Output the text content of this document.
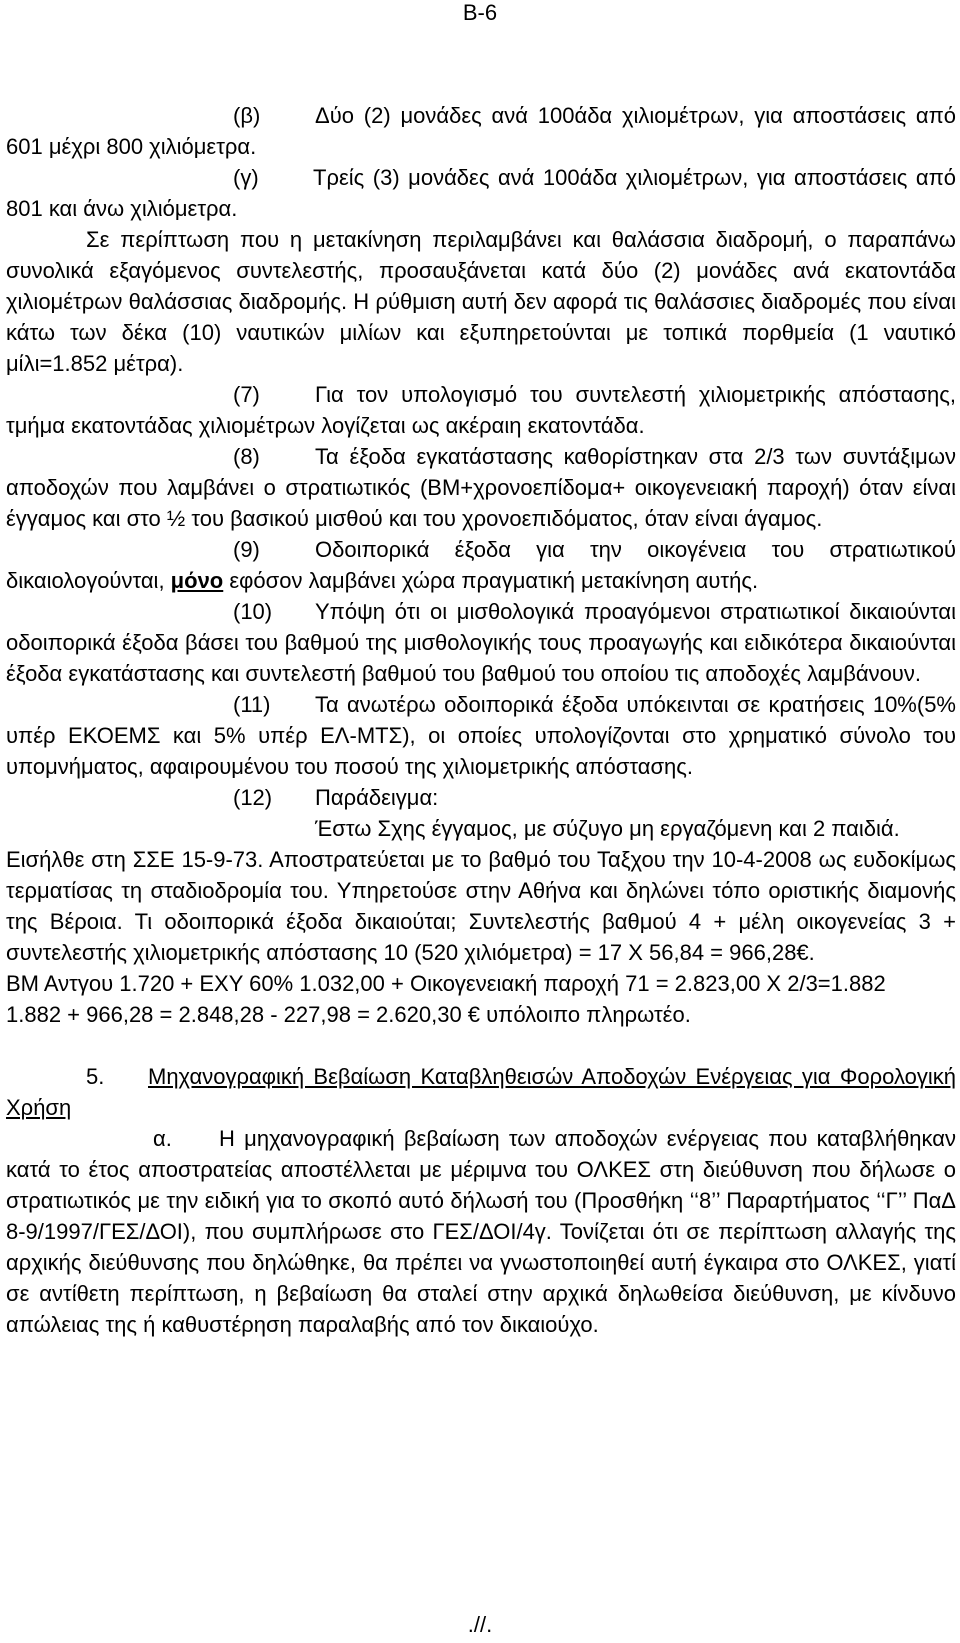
Β-6

(β) Δύο (2) μονάδες ανά 100άδα χιλιομέτρων, για αποστάσεις από 601 μέχρι 800 χιλιόμετρα.

(γ) Τρείς (3) μονάδες ανά 100άδα χιλιομέτρων, για αποστάσεις από 801 και άνω χιλιόμετρα.

Σε περίπτωση που η μετακίνηση περιλαμβάνει και θαλάσσια διαδρομή, ο παραπάνω συνολικά εξαγόμενος συντελεστής, προσαυξάνεται κατά δύο (2) μονάδες ανά εκατοντάδα χιλιομέτρων θαλάσσιας διαδρομής. Η ρύθμιση αυτή δεν αφορά τις θαλάσσιες διαδρομές που είναι κάτω των δέκα (10) ναυτικών μιλίων και εξυπηρετούνται με τοπικά πορθμεία (1 ναυτικό μίλι=1.852 μέτρα).

(7)	Για τον υπολογισμό του συντελεστή χιλιομετρικής απόστασης, τμήμα εκατοντάδας χιλιομέτρων λογίζεται ως ακέραιη εκατοντάδα.

(8)	Τα έξοδα εγκατάστασης καθορίστηκαν στα 2/3 των συντάξιμων αποδοχών που λαμβάνει ο στρατιωτικός (ΒΜ+χρονοεπίδομα+ οικογενειακή παροχή) όταν είναι έγγαμος και στο ½ του βασικού μισθού και του χρονοεπιδόματος, όταν είναι άγαμος.

(9)	Οδοιπορικά έξοδα για την οικογένεια του στρατιωτικού δικαιολογούνται, μόνο εφόσον λαμβάνει χώρα πραγματική μετακίνηση αυτής.

(10) Υπόψη ότι οι μισθολογικά προαγόμενοι στρατιωτικοί δικαιούνται οδοιπορικά έξοδα βάσει του βαθμού της μισθολογικής τους προαγωγής και ειδικότερα δικαιούνται έξοδα εγκατάστασης και συντελεστή βαθμού του βαθμού του οποίου τις αποδοχές λαμβάνουν.

(11) Τα ανωτέρω οδοιπορικά έξοδα υπόκεινται σε κρατήσεις 10%(5% υπέρ ΕΚΟΕΜΣ και 5% υπέρ ΕΛ-ΜΤΣ), οι οποίες υπολογίζονται στο χρηματικό σύνολο του υπομνήματος, αφαιρουμένου του ποσού της χιλιομετρικής απόστασης.

(12) Παράδειγμα:

Έστω Σχης έγγαμος, με σύζυγο μη εργαζόμενη και 2 παιδιά.

Εισήλθε στη ΣΣΕ 15-9-73. Αποστρατεύεται με το βαθμό του Ταξχου την 10-4-2008 ως ευδοκίμως τερματίσας τη σταδιοδρομία του. Υπηρετούσε στην Αθήνα και δηλώνει τόπο οριστικής διαμονής της Βέροια. Τι οδοιπορικά έξοδα δικαιούται; Συντελεστής βαθμού 4 + μέλη οικογενείας 3 + συντελεστής χιλιομετρικής απόστασης 10 (520 χιλιόμετρα) = 17 Χ 56,84 = 966,28€.

ΒΜ Αντγου 1.720 + ΕΧΥ 60% 1.032,00 + Οικογενειακή παροχή 71 = 2.823,00 Χ 2/3=1.882

1.882 + 966,28 = 2.848,28 - 227,98 = 2.620,30 € υπόλοιπο πληρωτέο.

5. Μηχανογραφική Βεβαίωση Καταβληθεισών Αποδοχών Ενέργειας για Φορολογική Χρήση

α. Η μηχανογραφική βεβαίωση των αποδοχών ενέργειας που καταβλήθηκαν κατά το έτος αποστρατείας αποστέλλεται με μέριμνα του ΟΛΚΕΣ στη διεύθυνση που δήλωσε ο στρατιωτικός με την ειδική για το σκοπό αυτό δήλωσή του (Προσθήκη ‘‘8’’ Παραρτήματος ‘‘Γ’’ ΠαΔ 8-9/1997/ΓΕΣ/ΔΟΙ), που συμπλήρωσε στο ΓΕΣ/ΔΟΙ/4γ. Τονίζεται ότι σε περίπτωση αλλαγής της αρχικής διεύθυνσης που δηλώθηκε, θα πρέπει να γνωστοποιηθεί αυτή έγκαιρα στο ΟΛΚΕΣ, γιατί σε αντίθετη περίπτωση, η βεβαίωση θα σταλεί στην αρχικά δηλωθείσα διεύθυνση, με κίνδυνο απώλειας της ή καθυστέρηση παραλαβής από τον δικαιούχο.

.//.
